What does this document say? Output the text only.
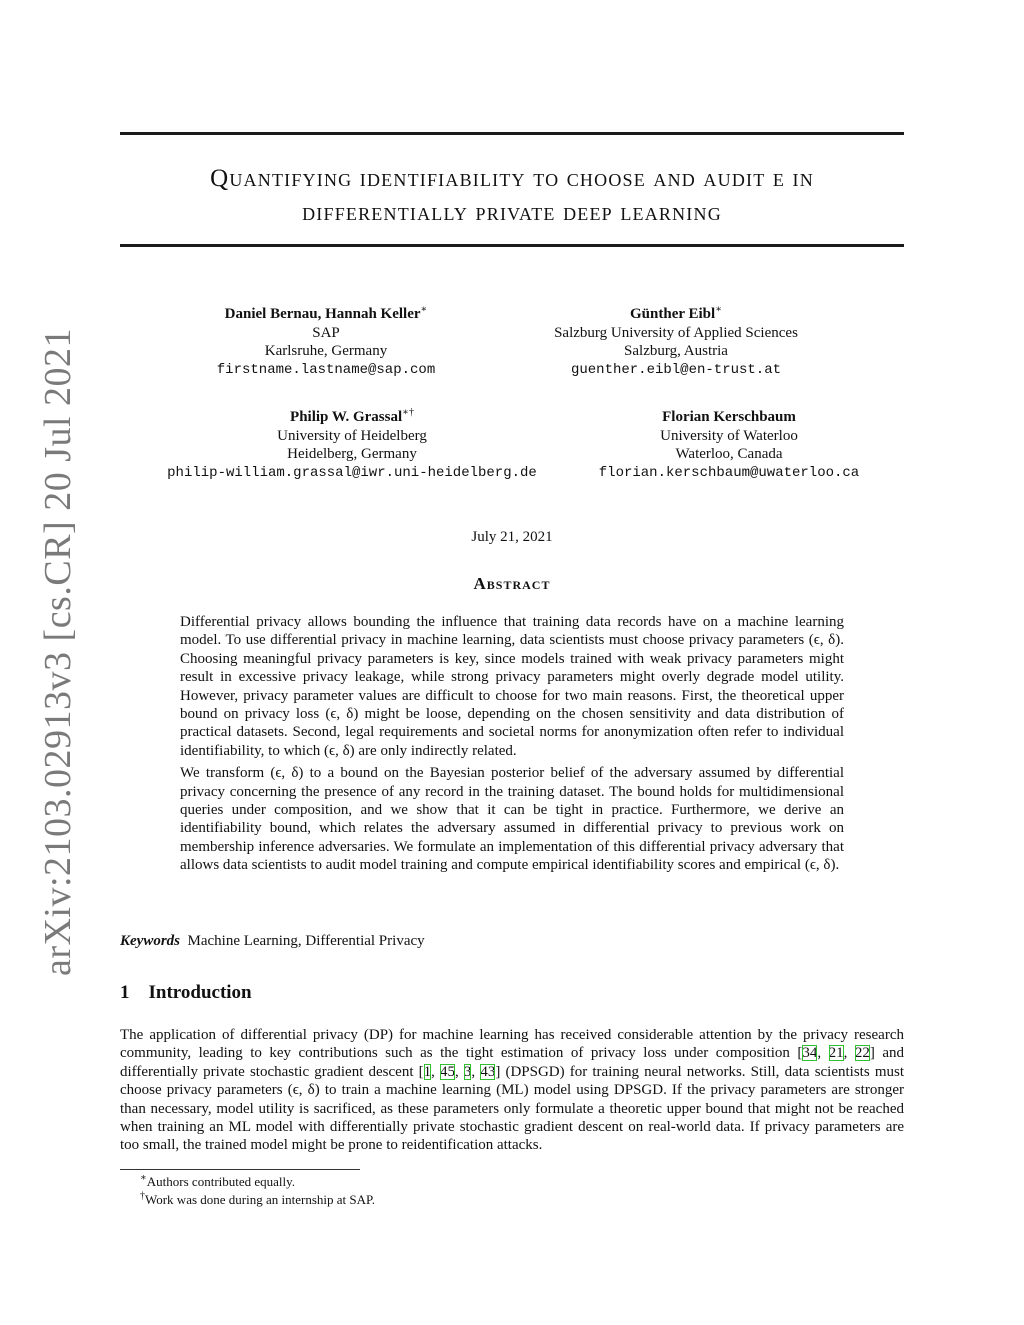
arXiv:2103.02913v3 [cs.CR] 20 Jul 2021
Quantifying identifiability to choose and audit ϵ in
differentially private deep learning
Daniel Bernau, Hannah Keller∗
SAP
Karlsruhe, Germany
firstname.lastname@sap.com
Günther Eibl∗
Salzburg University of Applied Sciences
Salzburg, Austria
guenther.eibl@en-trust.at
Philip W. Grassal∗†
University of Heidelberg
Heidelberg, Germany
philip-william.grassal@iwr.uni-heidelberg.de
Florian Kerschbaum
University of Waterloo
Waterloo, Canada
florian.kerschbaum@uwaterloo.ca
July 21, 2021
Abstract

Differential privacy allows bounding the influence that training data records have on a machine learning model. To use differential privacy in machine learning, data scientists must choose privacy parameters (ϵ, δ). Choosing meaningful privacy parameters is key, since models trained with weak privacy parameters might result in excessive privacy leakage, while strong privacy parameters might overly degrade model utility. However, privacy parameter values are difficult to choose for two main reasons. First, the theoretical upper bound on privacy loss (ϵ, δ) might be loose, depending on the chosen sensitivity and data distribution of practical datasets. Second, legal requirements and societal norms for anonymization often refer to individual identifiability, to which (ϵ, δ) are only indirectly related.

We transform (ϵ, δ) to a bound on the Bayesian posterior belief of the adversary assumed by differential privacy concerning the presence of any record in the training dataset. The bound holds for multidimensional queries under composition, and we show that it can be tight in practice. Furthermore, we derive an identifiability bound, which relates the adversary assumed in differential privacy to previous work on membership inference adversaries. We formulate an implementation of this differential privacy adversary that allows data scientists to audit model training and compute empirical identifiability scores and empirical (ϵ, δ).

Keywords Machine Learning, Differential Privacy
1 Introduction
The application of differential privacy (DP) for machine learning has received considerable attention by the privacy research community, leading to key contributions such as the tight estimation of privacy loss under composition [34, 21, 22] and differentially private stochastic gradient descent [1, 45, 3, 43] (DPSGD) for training neural networks. Still, data scientists must choose privacy parameters (ϵ, δ) to train a machine learning (ML) model using DPSGD. If the privacy parameters are stronger than necessary, model utility is sacrificed, as these parameters only formulate a theoretic upper bound that might not be reached when training an ML model with differentially private stochastic gradient descent on real-world data. If privacy parameters are too small, the trained model might be prone to reidentification attacks.
∗Authors contributed equally.
†Work was done during an internship at SAP.
